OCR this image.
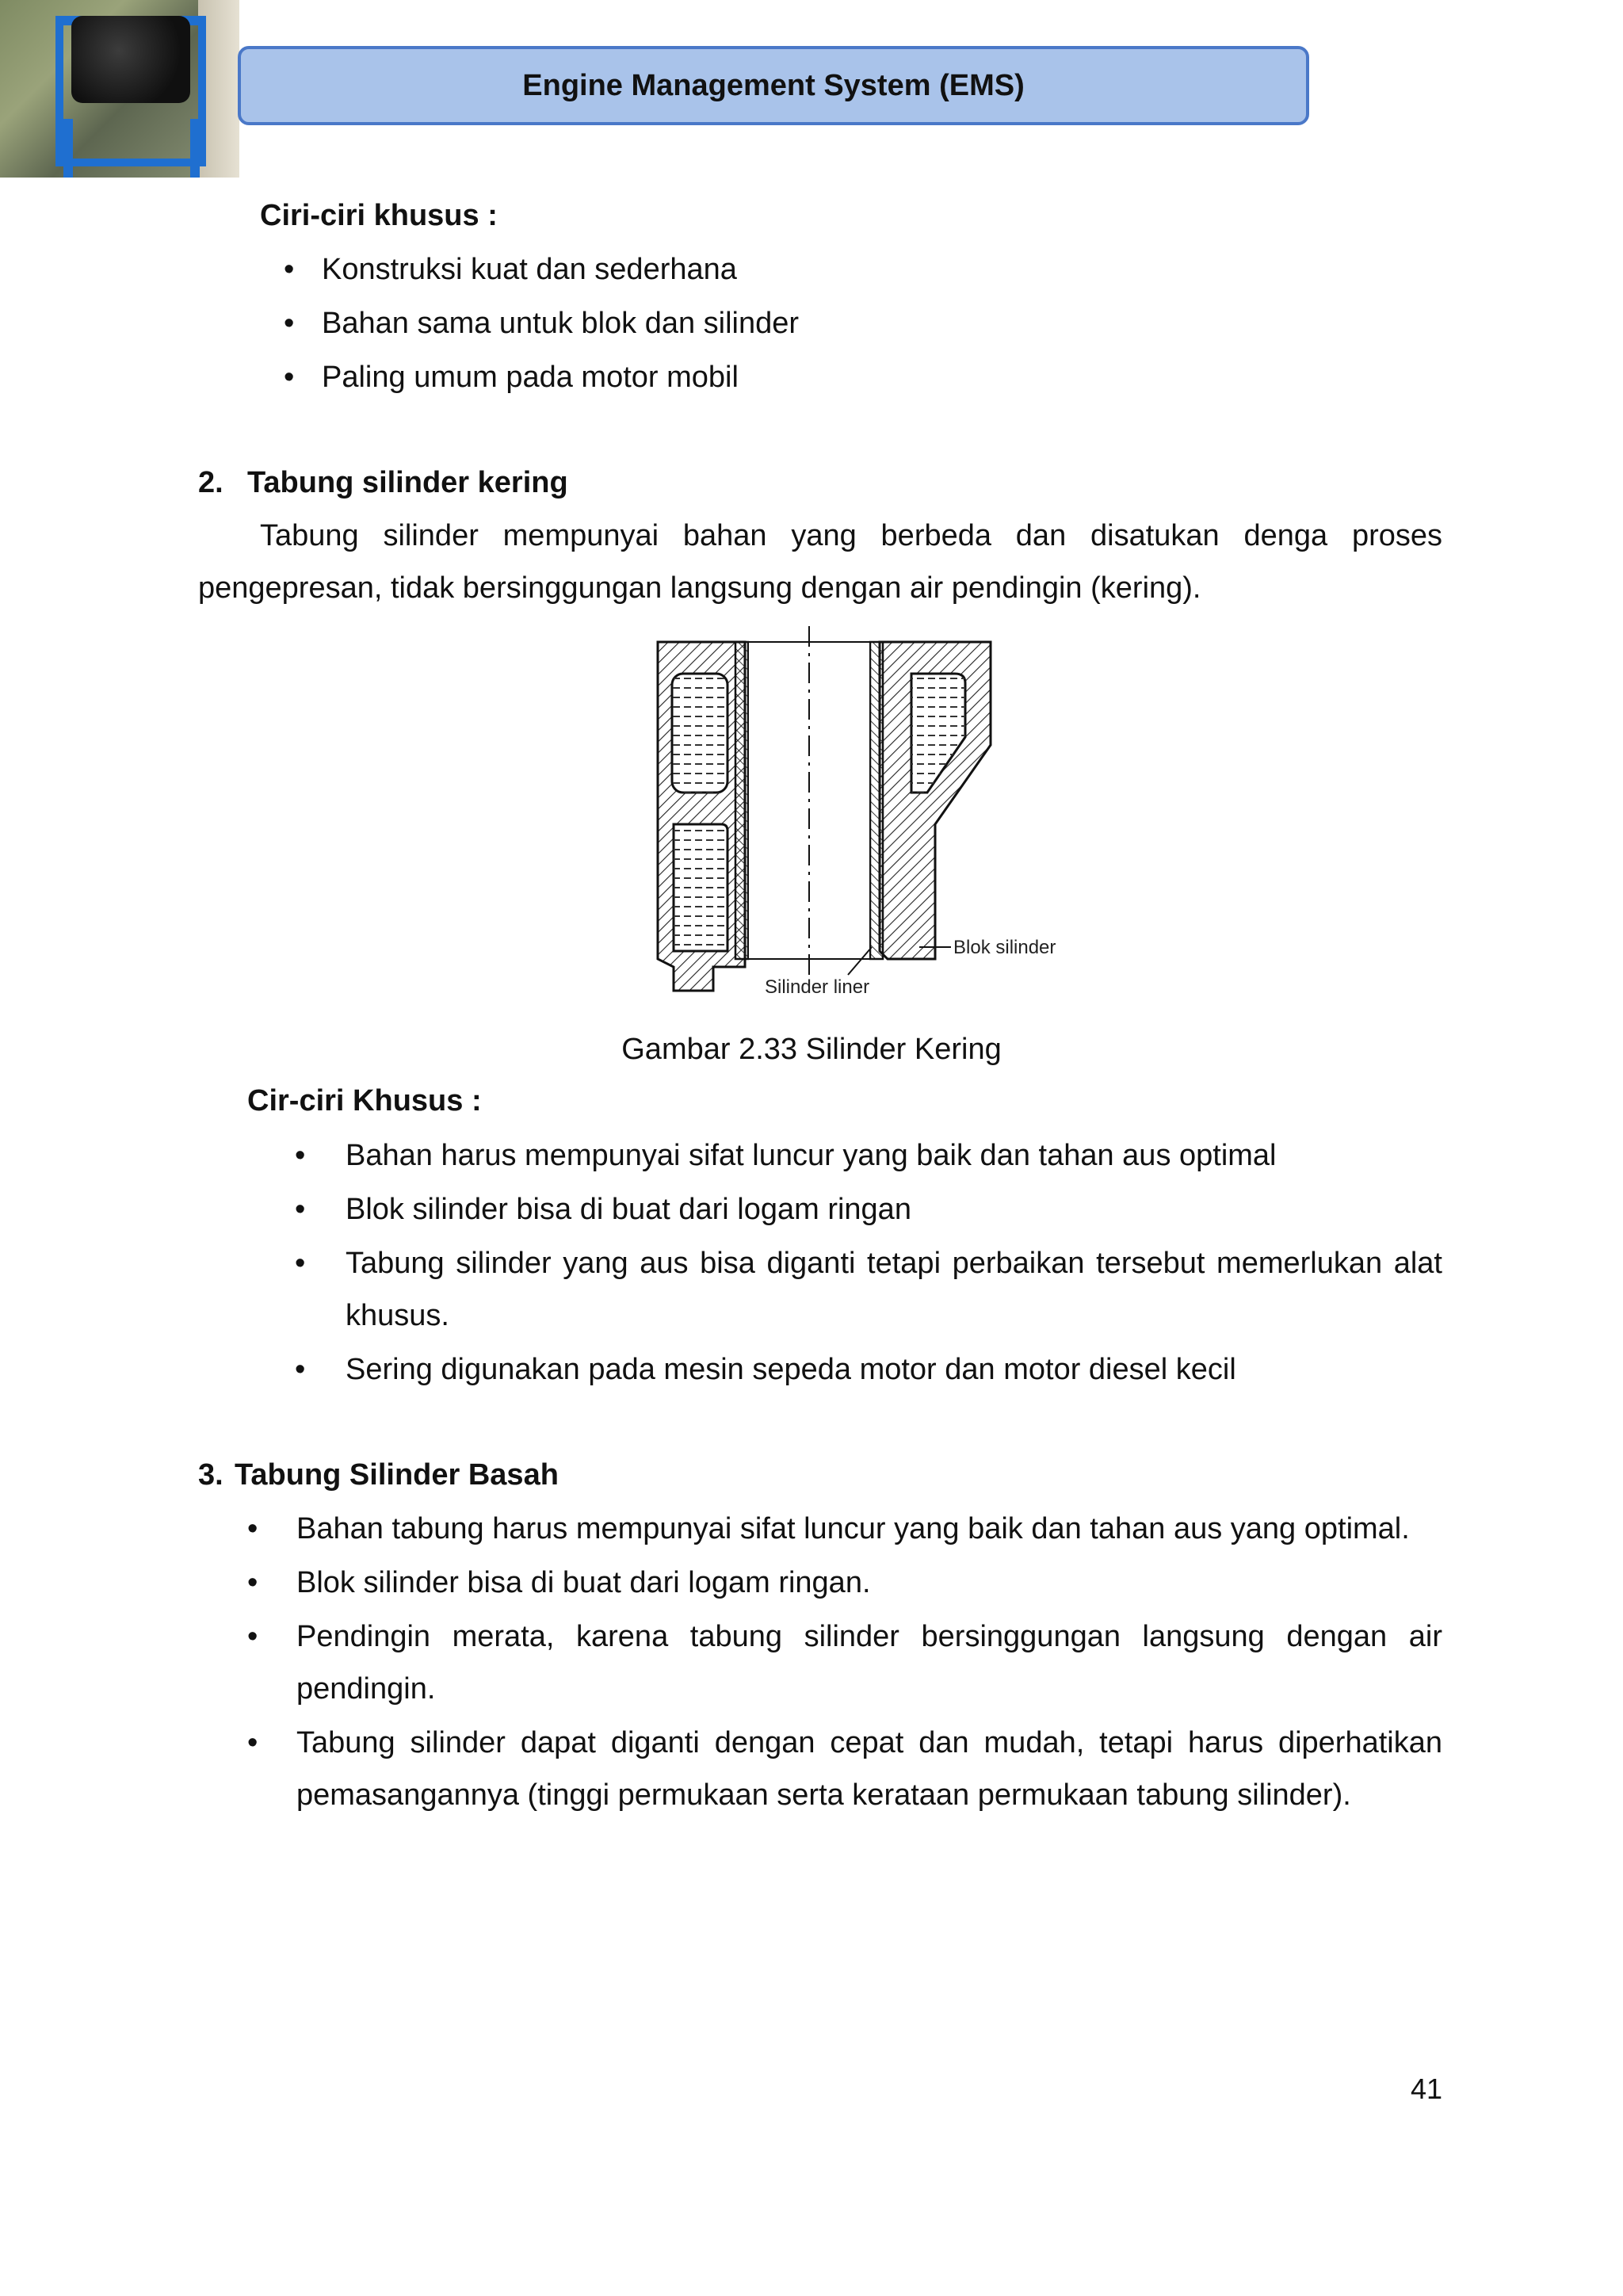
Engine Management System (EMS)
Ciri-ciri khusus :
• Konstruksi kuat dan sederhana
• Bahan sama untuk blok dan silinder
• Paling umum pada motor mobil
2. Tabung silinder kering
Tabung silinder mempunyai bahan yang berbeda dan disatukan denga proses
pengepresan, tidak bersinggungan langsung dengan air pendingin (kering).
Blok silinder
Silinder liner
Gambar 2.33 Silinder Kering
Cir-ciri Khusus :
• Bahan harus mempunyai sifat luncur yang baik dan tahan aus optimal
• Blok silinder bisa di buat dari logam ringan
• Tabung silinder yang aus bisa diganti tetapi perbaikan tersebut memerlukan alat
khusus.
• Sering digunakan pada mesin sepeda motor dan motor diesel kecil
3. Tabung Silinder Basah
• Bahan tabung harus mempunyai sifat luncur yang baik dan tahan aus yang optimal.
• Blok silinder bisa di buat dari logam ringan.
• Pendingin merata, karena tabung silinder bersinggungan langsung dengan air
pendingin.
• Tabung silinder dapat diganti dengan cepat dan mudah, tetapi harus diperhatikan
pemasangannya (tinggi permukaan serta kerataan permukaan tabung silinder).
41
